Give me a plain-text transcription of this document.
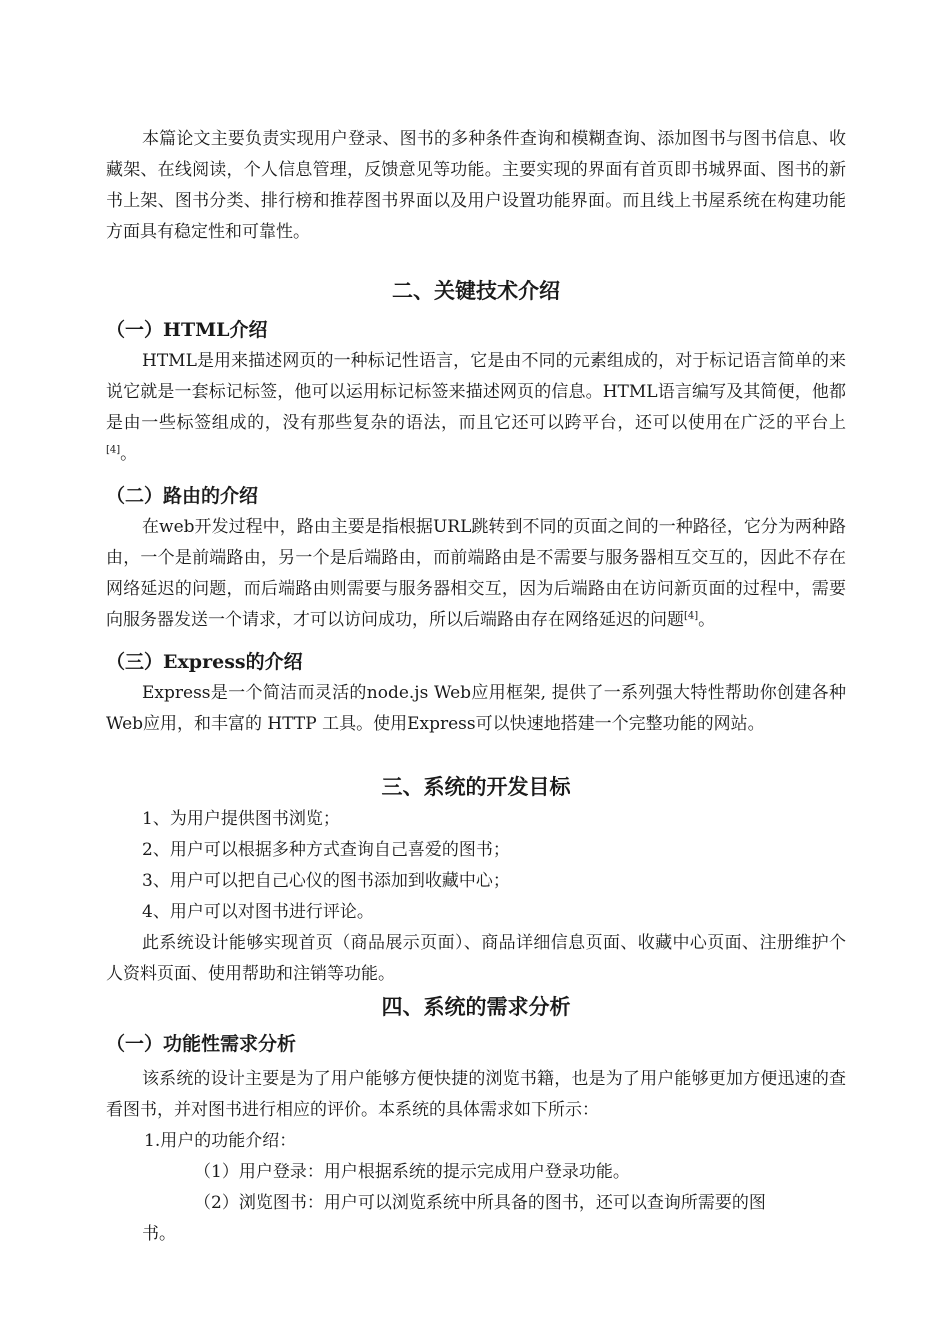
本篇论文主要负责实现用户登录、图书的多种条件查询和模糊查询、添加图书与图书信息、收藏架、在线阅读，个人信息管理，反馈意见等功能。主要实现的界面有首页即书城界面、图书的新书上架、图书分类、排行榜和推荐图书界面以及用户设置功能界面。而且线上书屋系统在构建功能方面具有稳定性和可靠性。

二、关键技术介绍
（一）HTML介绍

HTML是用来描述网页的一种标记性语言，它是由不同的元素组成的，对于标记语言简单的来说它就是一套标记标签，他可以运用标记标签来描述网页的信息。HTML语言编写及其简便，他都是由一些标签组成的，没有那些复杂的语法，而且它还可以跨平台，还可以使用在广泛的平台上[4]。

（二）路由的介绍

在web开发过程中，路由主要是指根据URL跳转到不同的页面之间的一种路径，它分为两种路由，一个是前端路由，另一个是后端路由，而前端路由是不需要与服务器相互交互的，因此不存在网络延迟的问题，而后端路由则需要与服务器相交互，因为后端路由在访问新页面的过程中，需要向服务器发送一个请求，才可以访问成功，所以后端路由存在网络延迟的问题[4]。

（三）Express的介绍

Express是一个简洁而灵活的node.js Web应用框架, 提供了一系列强大特性帮助你创建各种Web应用，和丰富的 HTTP 工具。使用Express可以快速地搭建一个完整功能的网站。

三、系统的开发目标

1、为用户提供图书浏览；

2、用户可以根据多种方式查询自己喜爱的图书；

3、用户可以把自己心仪的图书添加到收藏中心；

4、用户可以对图书进行评论。

此系统设计能够实现首页（商品展示页面）、商品详细信息页面、收藏中心页面、注册维护个人资料页面、使用帮助和注销等功能。

四、系统的需求分析
（一）功能性需求分析

该系统的设计主要是为了用户能够方便快捷的浏览书籍，也是为了用户能够更加方便迅速的查看图书，并对图书进行相应的评价。本系统的具体需求如下所示：

1.用户的功能介绍：

（1）用户登录：用户根据系统的提示完成用户登录功能。

（2）浏览图书：用户可以浏览系统中所具备的图书，还可以查询所需要的图

书。
